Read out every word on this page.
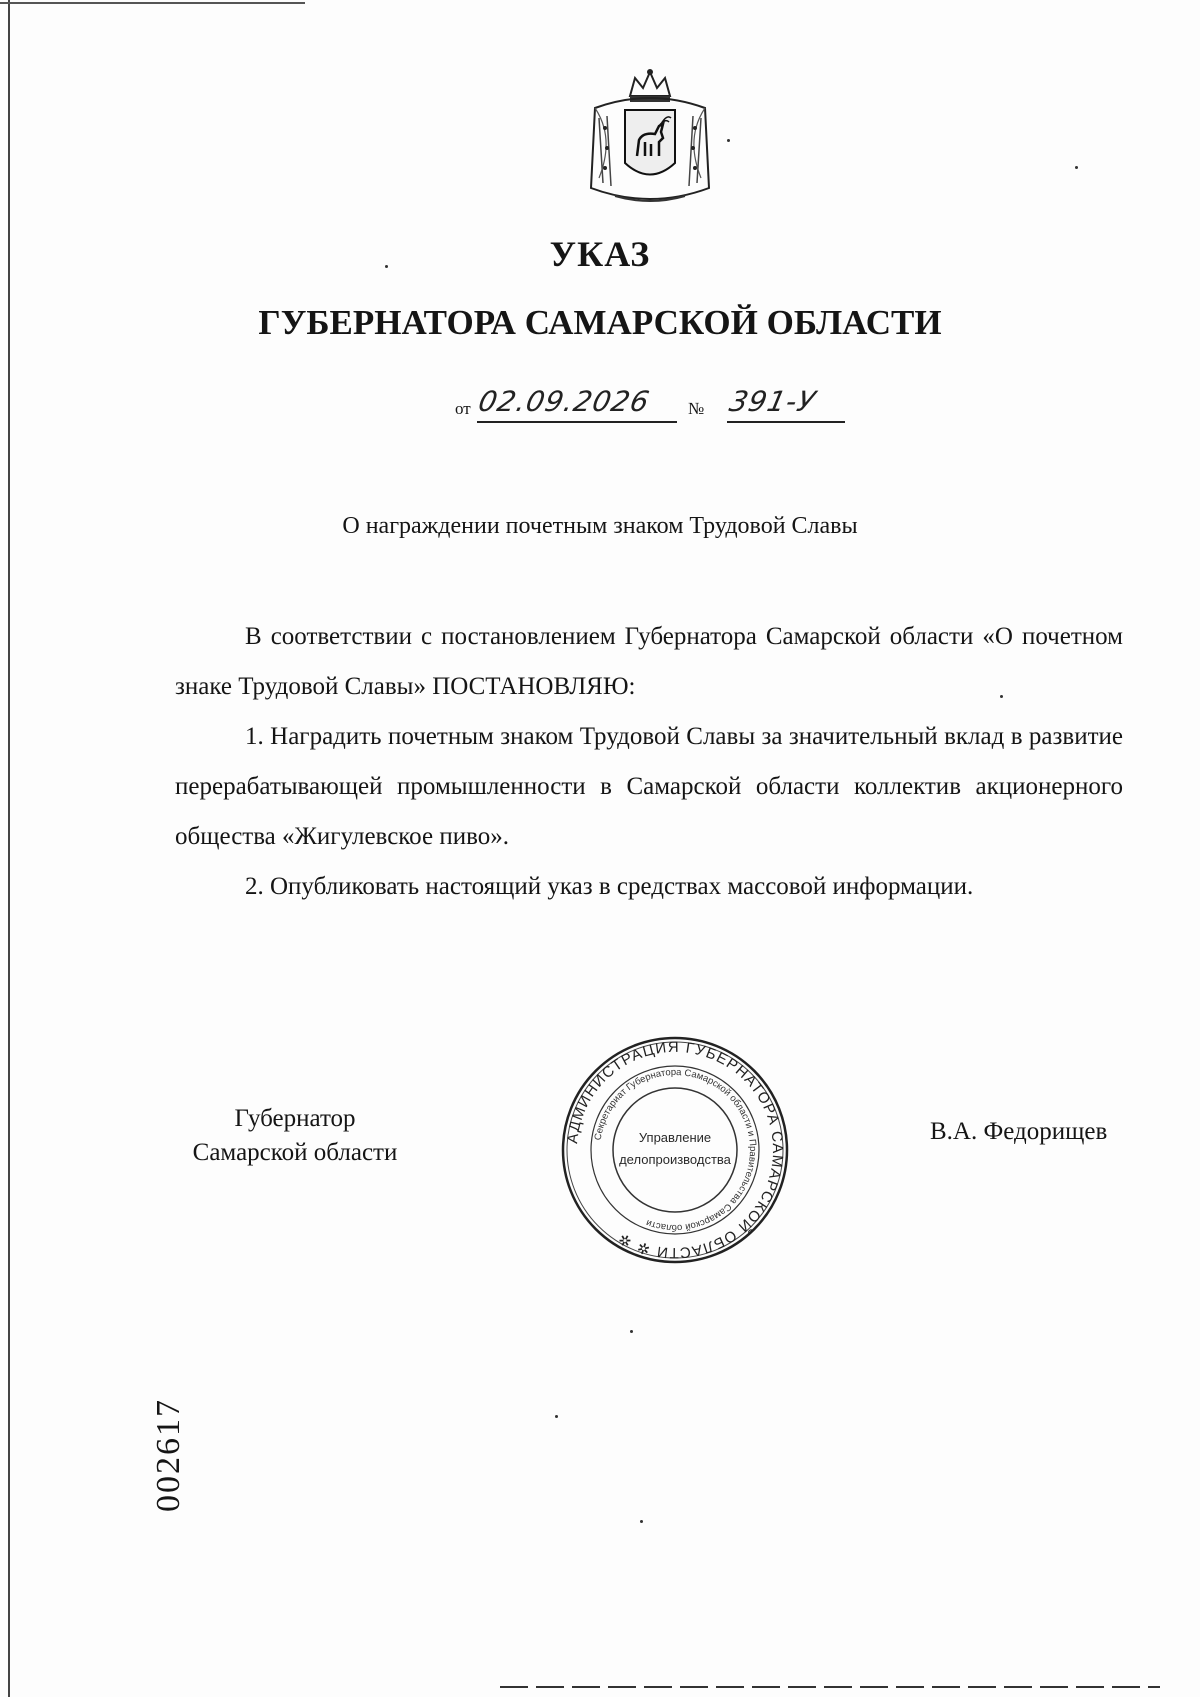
УКАЗ
ГУБЕРНАТОРА САМАРСКОЙ ОБЛАСТИ
от 02.09.2026 № 391-У

О награждении почетным знаком Трудовой Славы

В соответствии с постановлением Губернатора Самарской области «О почетном знаке Трудовой Славы» ПОСТАНОВЛЯЮ:

1. Наградить почетным знаком Трудовой Славы за значительный вклад в развитие перерабатывающей промышленности в Самарской области коллектив акционерного общества «Жигулевское пиво».

2. Опубликовать настоящий указ в средствах массовой информации.

Губернатор
Самарской области
АДМИНИСТРАЦИЯ ГУБЕРНАТОРА САМАРСКОЙ ОБЛАСТИ ✲ ✲
Секретариат Губернатора Самарской области и Правительства Самарской области
Управление
делопроизводства
В.А. Федорищев
002617
